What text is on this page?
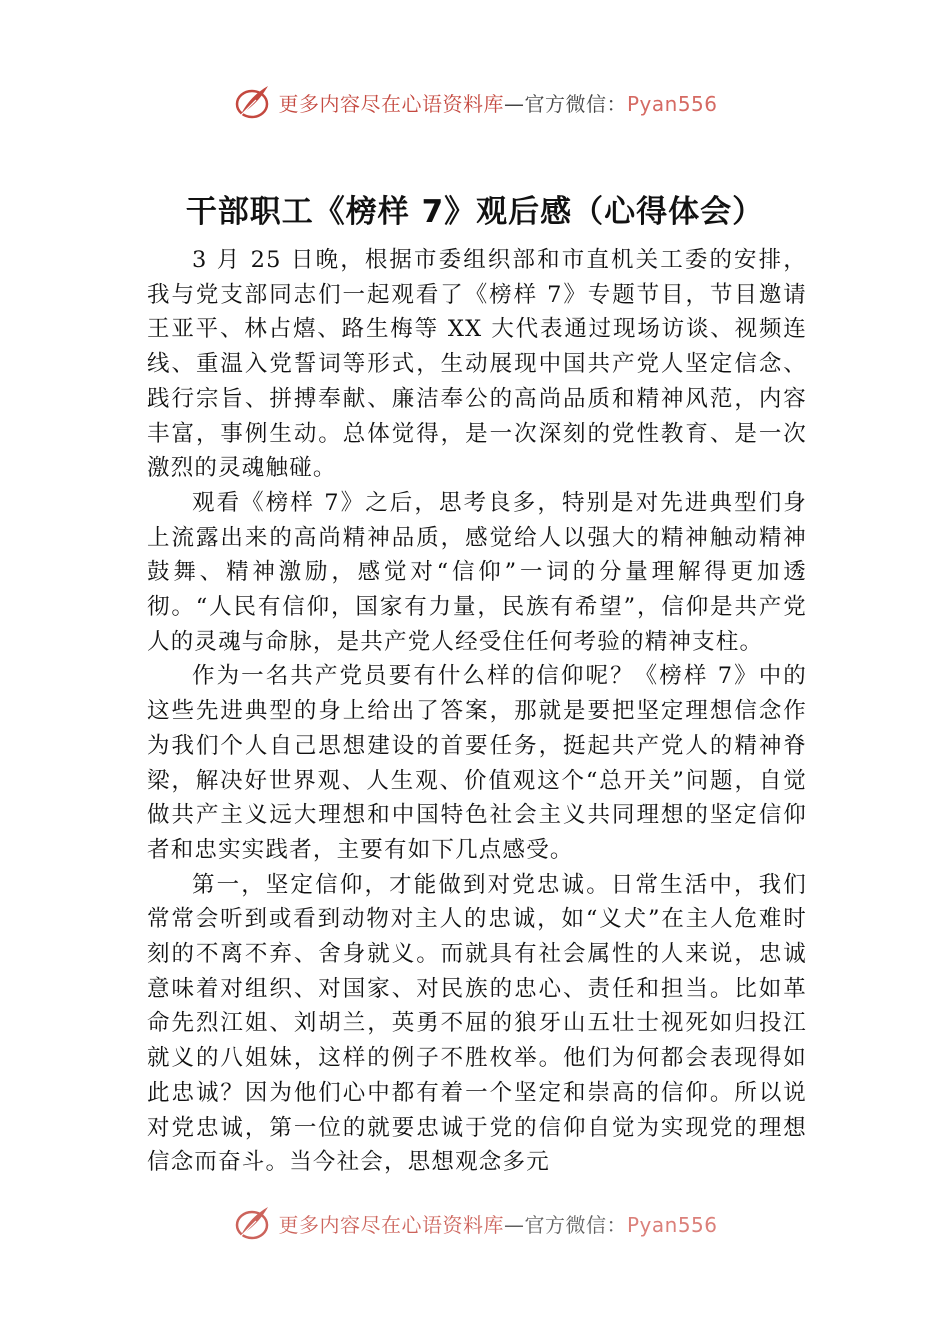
更多内容尽在心语资料库—官方微信：Pyan556
干部职工《榜样 7》观后感（心得体会）

3 月 25 日晚，根据市委组织部和市直机关工委的安排，我与党支部同志们一起观看了《榜样 7》专题节目，节目邀请王亚平、林占熺、路生梅等 XX 大代表通过现场访谈、视频连线、重温入党誓词等形式，生动展现中国共产党人坚定信念、践行宗旨、拼搏奉献、廉洁奉公的高尚品质和精神风范，内容丰富，事例生动。总体觉得，是一次深刻的党性教育、是一次激烈的灵魂触碰。

观看《榜样 7》之后，思考良多，特别是对先进典型们身上流露出来的高尚精神品质，感觉给人以强大的精神触动精神鼓舞、精神激励，感觉对“信仰”一词的分量理解得更加透彻。“人民有信仰，国家有力量，民族有希望”，信仰是共产党人的灵魂与命脉，是共产党人经受住任何考验的精神支柱。

作为一名共产党员要有什么样的信仰呢？《榜样 7》中的这些先进典型的身上给出了答案，那就是要把坚定理想信念作为我们个人自己思想建设的首要任务，挺起共产党人的精神脊梁，解决好世界观、人生观、价值观这个“总开关”问题，自觉做共产主义远大理想和中国特色社会主义共同理想的坚定信仰者和忠实实践者，主要有如下几点感受。

第一，坚定信仰，才能做到对党忠诚。日常生活中，我们常常会听到或看到动物对主人的忠诚，如“义犬”在主人危难时刻的不离不弃、舍身就义。而就具有社会属性的人来说，忠诚意味着对组织、对国家、对民族的忠心、责任和担当。比如革命先烈江姐、刘胡兰，英勇不屈的狼牙山五壮士视死如归投江就义的八姐妹，这样的例子不胜枚举。他们为何都会表现得如此忠诚？因为他们心中都有着一个坚定和崇高的信仰。所以说对党忠诚，第一位的就要忠诚于党的信仰自觉为实现党的理想信念而奋斗。当今社会，思想观念多元

更多内容尽在心语资料库—官方微信：Pyan556
